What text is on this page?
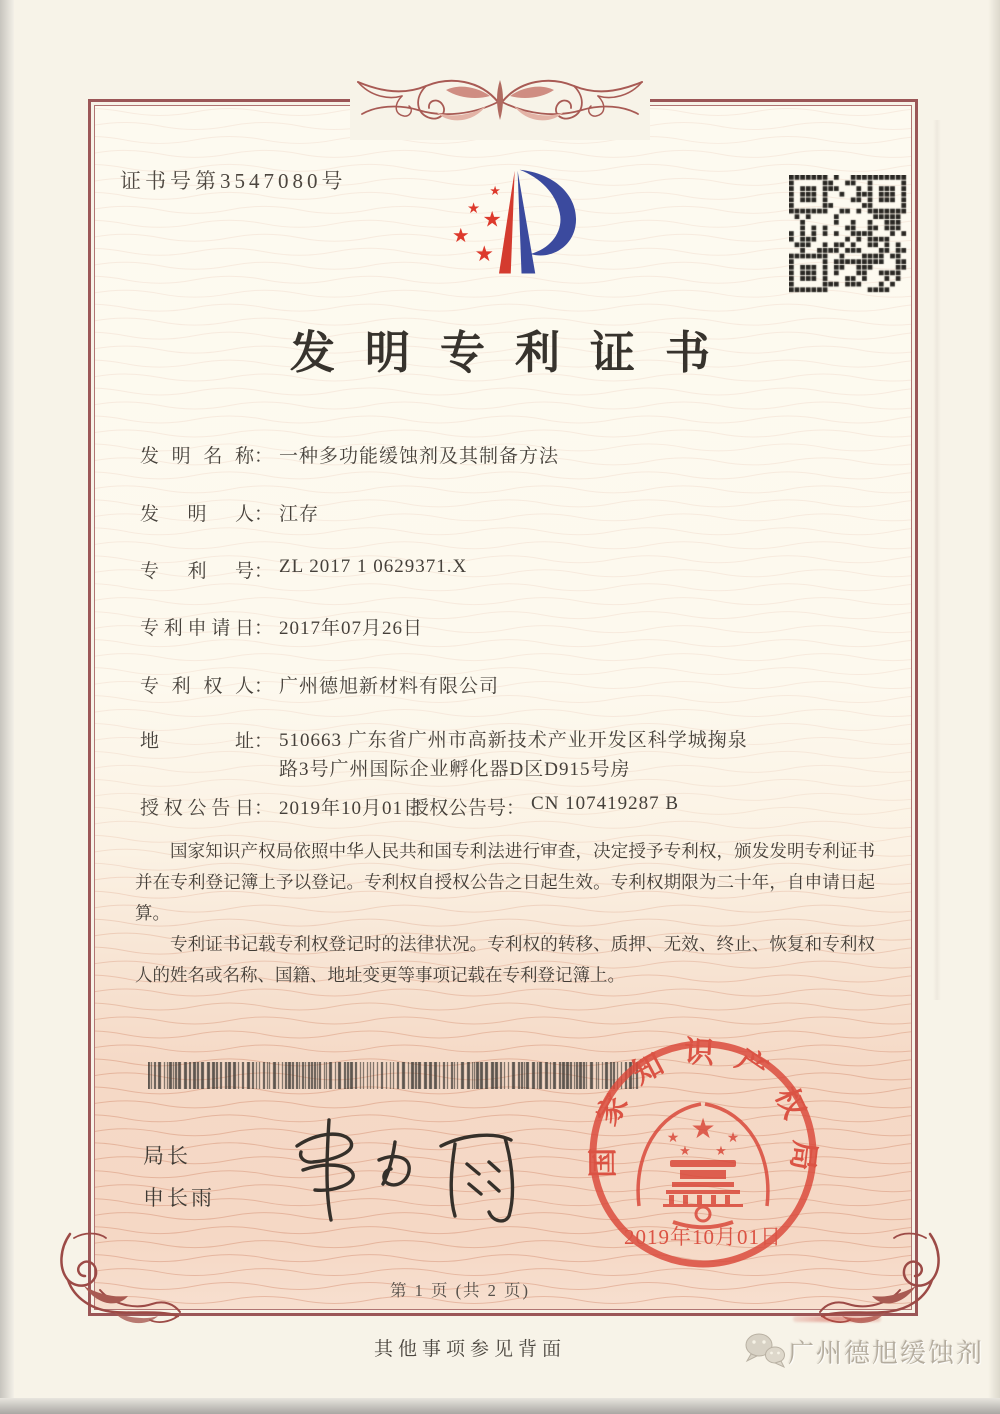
证书号第3547080号	★
★ ★
★
★
发明专利证书
发明名称： 一种多功能缓蚀剂及其制备方法
发明人： 江存
专利号： ZL 2017 1 0629371.X
专利申请日： 2017年07月26日
专利权人： 广州德旭新材料有限公司
地址： 510663 广东省广州市高新技术产业开发区科学城掬泉路3号广州国际企业孵化器D区D915号房
授权公告日： 2019年10月01日
授权公告号： CN 107419287 B

国家知识产权局依照中华人民共和国专利法进行审查，决定授予专利权，颁发发明专利证书并在专利登记簿上予以登记。专利权自授权公告之日起生效。专利权期限为二十年，自申请日起算。

专利证书记载专利权登记时的法律状况。专利权的转移、质押、无效、终止、恢复和专利权人的姓名或名称、国籍、地址变更等事项记载在专利登记簿上。

国家知识产权局
★
★	★
★ ★
2019年10月01日
局长
申长雨
第 1 页 (共 2 页)
其他事项参见背面	广州德旭缓蚀剂
